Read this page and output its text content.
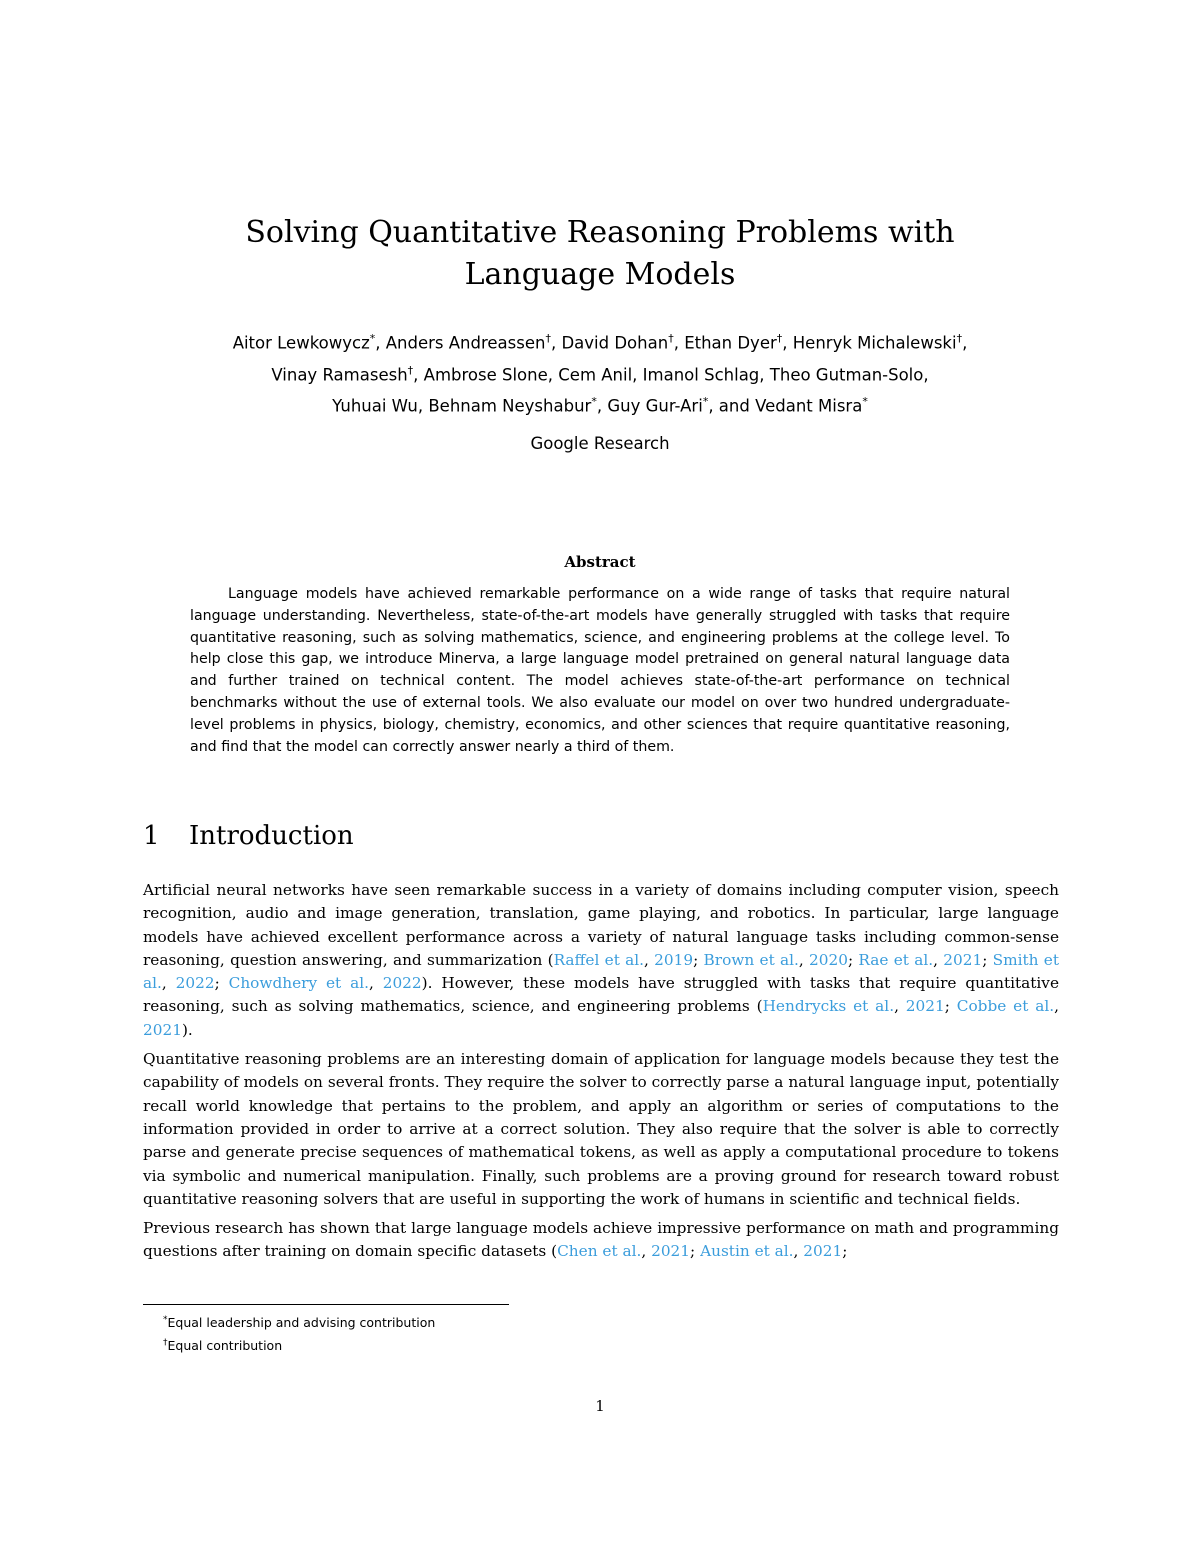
Solving Quantitative Reasoning Problems with
Language Models
Aitor Lewkowycz*, Anders Andreassen†, David Dohan†, Ethan Dyer†, Henryk Michalewski†,
Vinay Ramasesh†, Ambrose Slone, Cem Anil, Imanol Schlag, Theo Gutman-Solo,
Yuhuai Wu, Behnam Neyshabur*, Guy Gur-Ari*, and Vedant Misra*
Google Research
Abstract

Language models have achieved remarkable performance on a wide range of tasks that require natural language understanding. Nevertheless, state-of-the-art models have generally struggled with tasks that require quantitative reasoning, such as solving mathematics, science, and engineering problems at the college level. To help close this gap, we introduce Minerva, a large language model pretrained on general natural language data and further trained on technical content. The model achieves state-of-the-art performance on technical benchmarks without the use of external tools. We also evaluate our model on over two hundred undergraduate-level problems in physics, biology, chemistry, economics, and other sciences that require quantitative reasoning, and find that the model can correctly answer nearly a third of them.

1 Introduction

Artificial neural networks have seen remarkable success in a variety of domains including computer vision, speech recognition, audio and image generation, translation, game playing, and robotics. In particular, large language models have achieved excellent performance across a variety of natural language tasks including common-sense reasoning, question answering, and summarization (Raffel et al., 2019; Brown et al., 2020; Rae et al., 2021; Smith et al., 2022; Chowdhery et al., 2022). However, these models have struggled with tasks that require quantitative reasoning, such as solving mathematics, science, and engineering problems (Hendrycks et al., 2021; Cobbe et al., 2021).

Quantitative reasoning problems are an interesting domain of application for language models because they test the capability of models on several fronts. They require the solver to correctly parse a natural language input, potentially recall world knowledge that pertains to the problem, and apply an algorithm or series of computations to the information provided in order to arrive at a correct solution. They also require that the solver is able to correctly parse and generate precise sequences of mathematical tokens, as well as apply a computational procedure to tokens via symbolic and numerical manipulation. Finally, such problems are a proving ground for research toward robust quantitative reasoning solvers that are useful in supporting the work of humans in scientific and technical fields.

Previous research has shown that large language models achieve impressive performance on math and programming questions after training on domain specific datasets (Chen et al., 2021; Austin et al., 2021;

*Equal leadership and advising contribution
†Equal contribution
1
